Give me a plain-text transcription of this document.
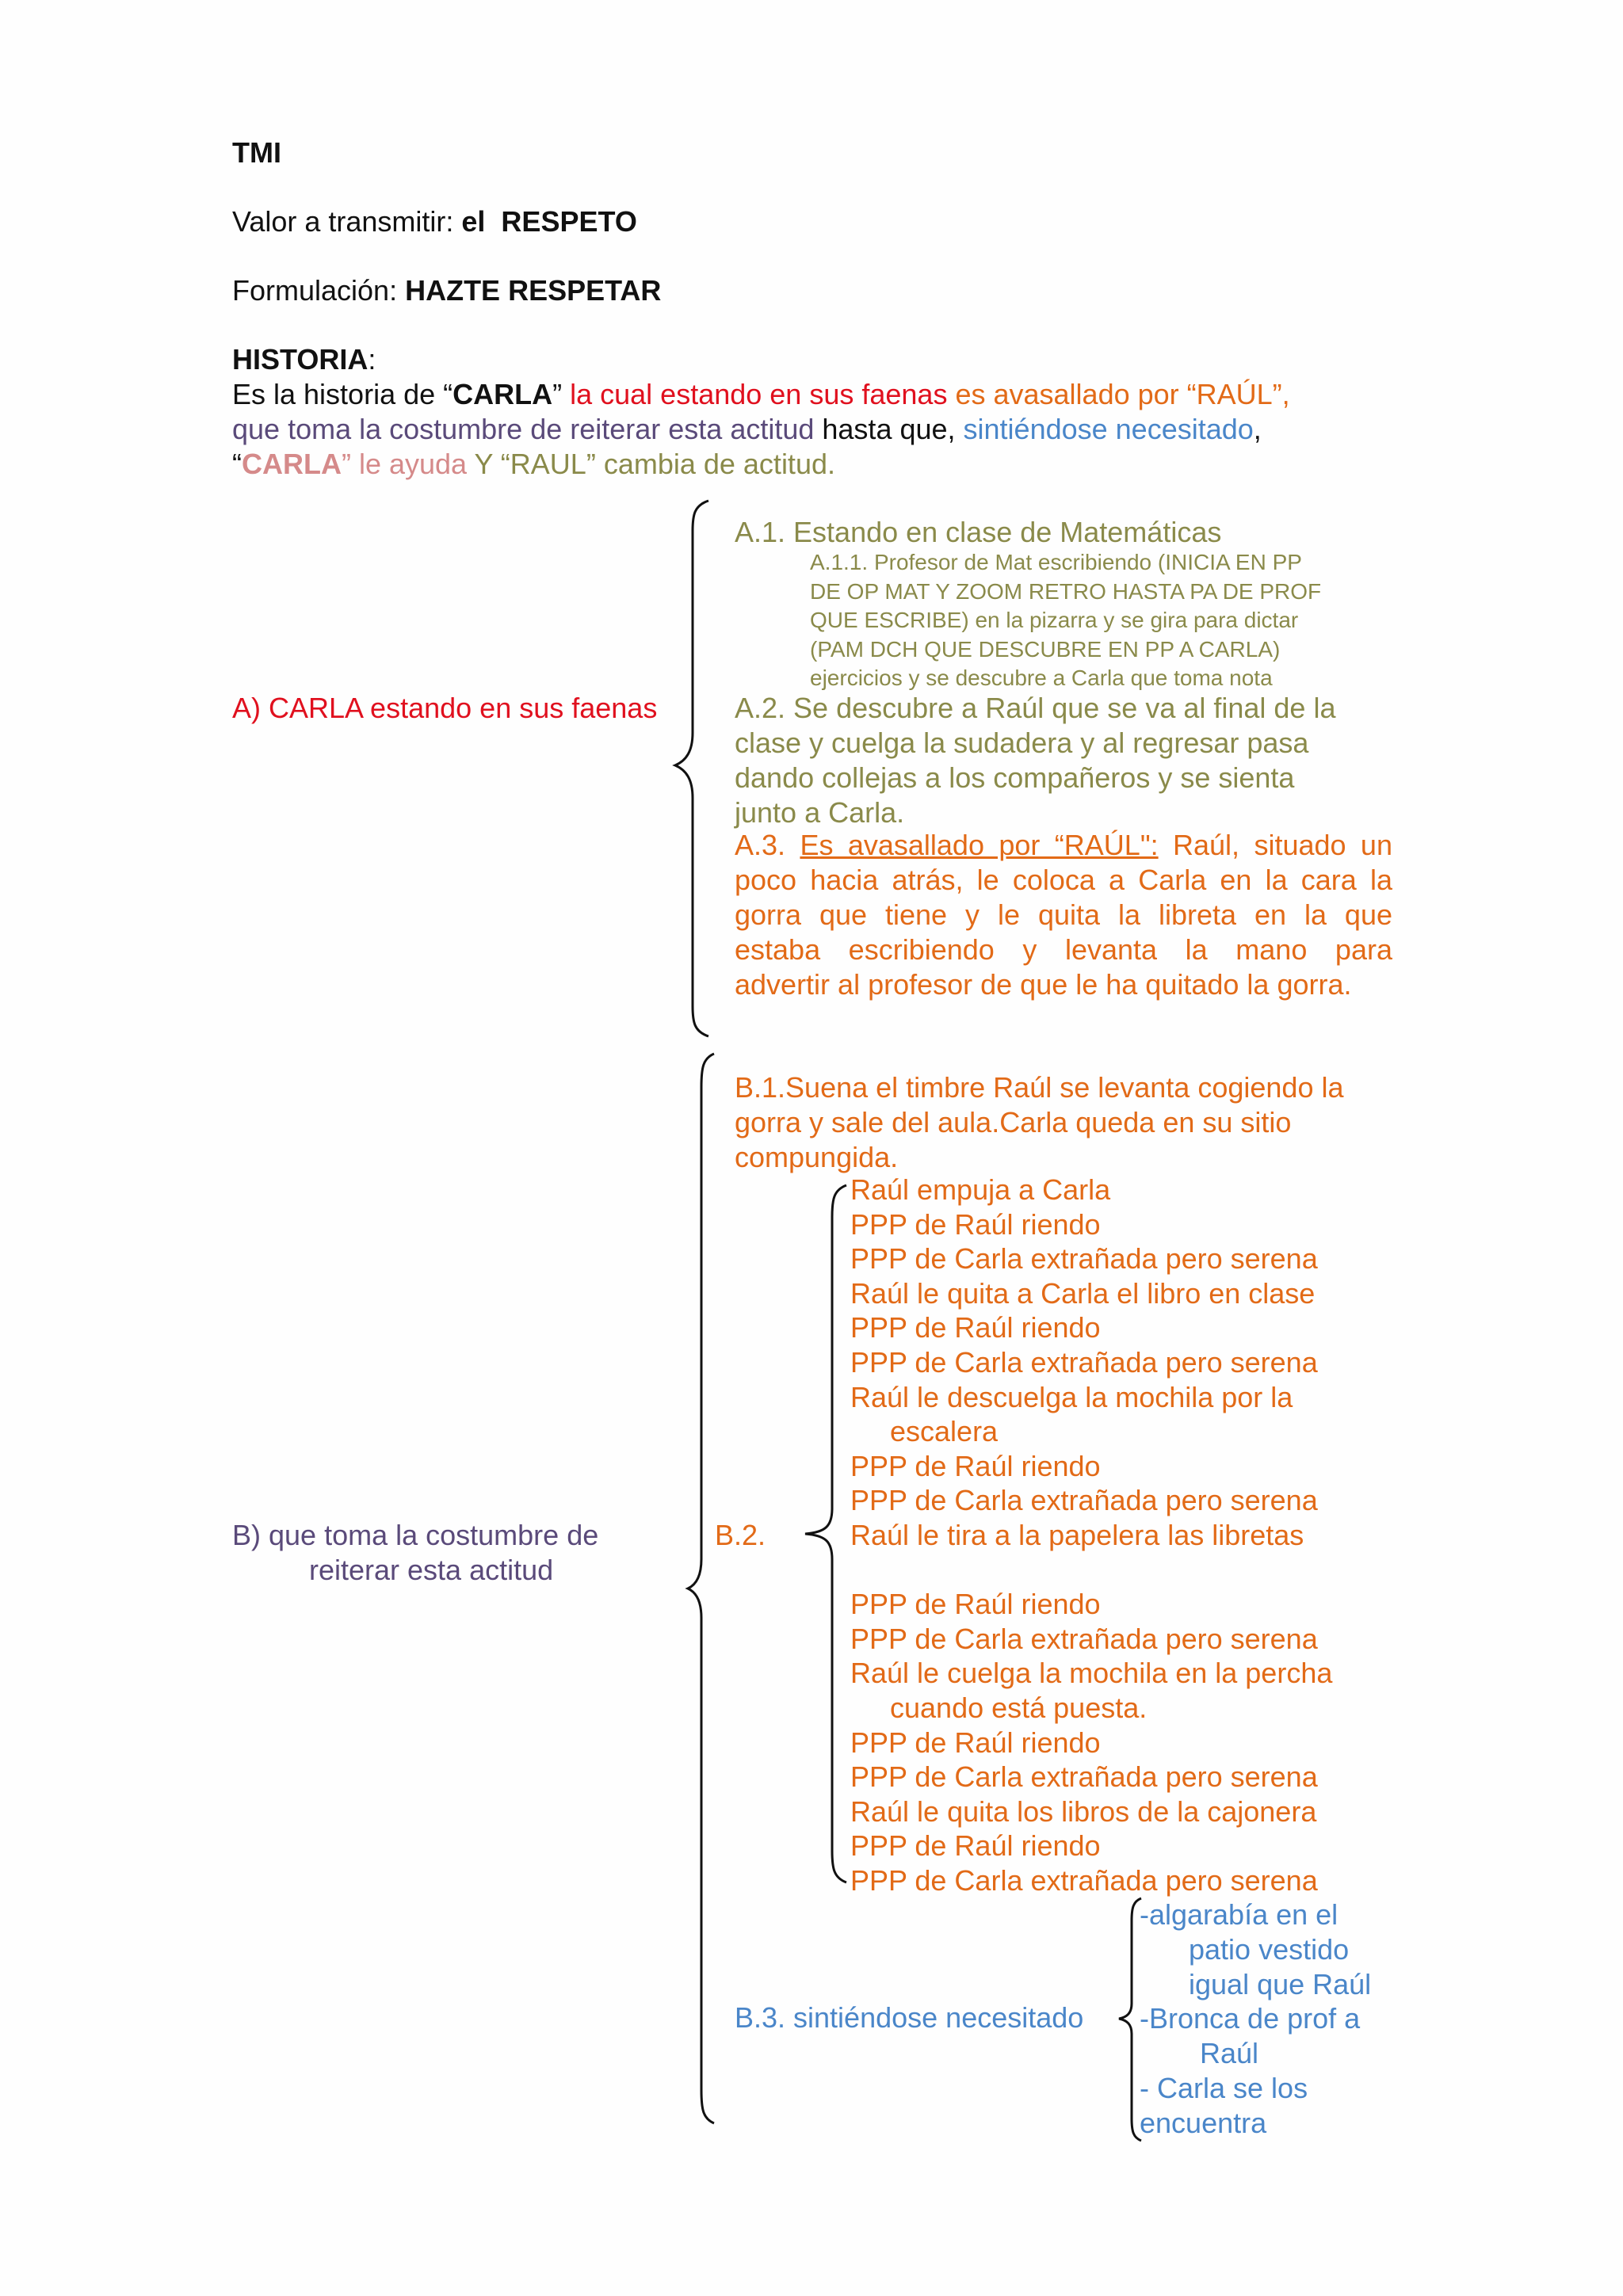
TMI
Valor a transmitir: el  RESPETO
Formulación: HAZTE RESPETAR
HISTORIA:
Es la historia de “CARLA” la cual estando en sus faenas es avasallado por “RAÚL”,
que toma la costumbre de reiterar esta actitud hasta que, sintiéndose necesitado,
“CARLA” le ayuda Y “RAUL” cambia de actitud.
A) CARLA estando en sus faenas
A.1. Estando en clase de Matemáticas
A.1.1. Profesor de Mat escribiendo (INICIA EN PP
DE OP MAT Y ZOOM RETRO HASTA PA DE PROF
QUE ESCRIBE) en la pizarra y se gira para dictar
(PAM DCH QUE DESCUBRE EN PP A CARLA)
ejercicios y se descubre a Carla que toma nota
A.2. Se descubre a Raúl que se va al final de la
clase y cuelga la sudadera y al regresar pasa
dando collejas a los compañeros y se sienta
junto a Carla.
A.3. Es avasallado por “RAÚL": Raúl, situado un
poco hacia atrás, le coloca a Carla en la cara la
gorra que tiene y le quita la libreta en la que
estaba escribiendo y levanta la mano para
advertir al profesor de que le ha quitado la gorra.
B) que toma la costumbre de
reiterar esta actitud
B.1.Suena el timbre Raúl se levanta cogiendo la
gorra y sale del aula.Carla queda en su sitio
compungida.
B.2.
Raúl empuja a Carla
PPP de Raúl riendo
PPP de Carla extrañada pero serena
Raúl le quita a Carla el libro en clase
PPP de Raúl riendo
PPP de Carla extrañada pero serena
Raúl le descuelga la mochila por la
escalera
PPP de Raúl riendo
PPP de Carla extrañada pero serena
Raúl le tira a la papelera las libretas
PPP de Raúl riendo
PPP de Carla extrañada pero serena
Raúl le cuelga la mochila en la percha
cuando está puesta.
PPP de Raúl riendo
PPP de Carla extrañada pero serena
Raúl le quita los libros de la cajonera
PPP de Raúl riendo
PPP de Carla extrañada pero serena
B.3. sintiéndose necesitado
-algarabía en el
patio vestido
igual que Raúl
-Bronca de prof a
Raúl
- Carla se los
encuentra
